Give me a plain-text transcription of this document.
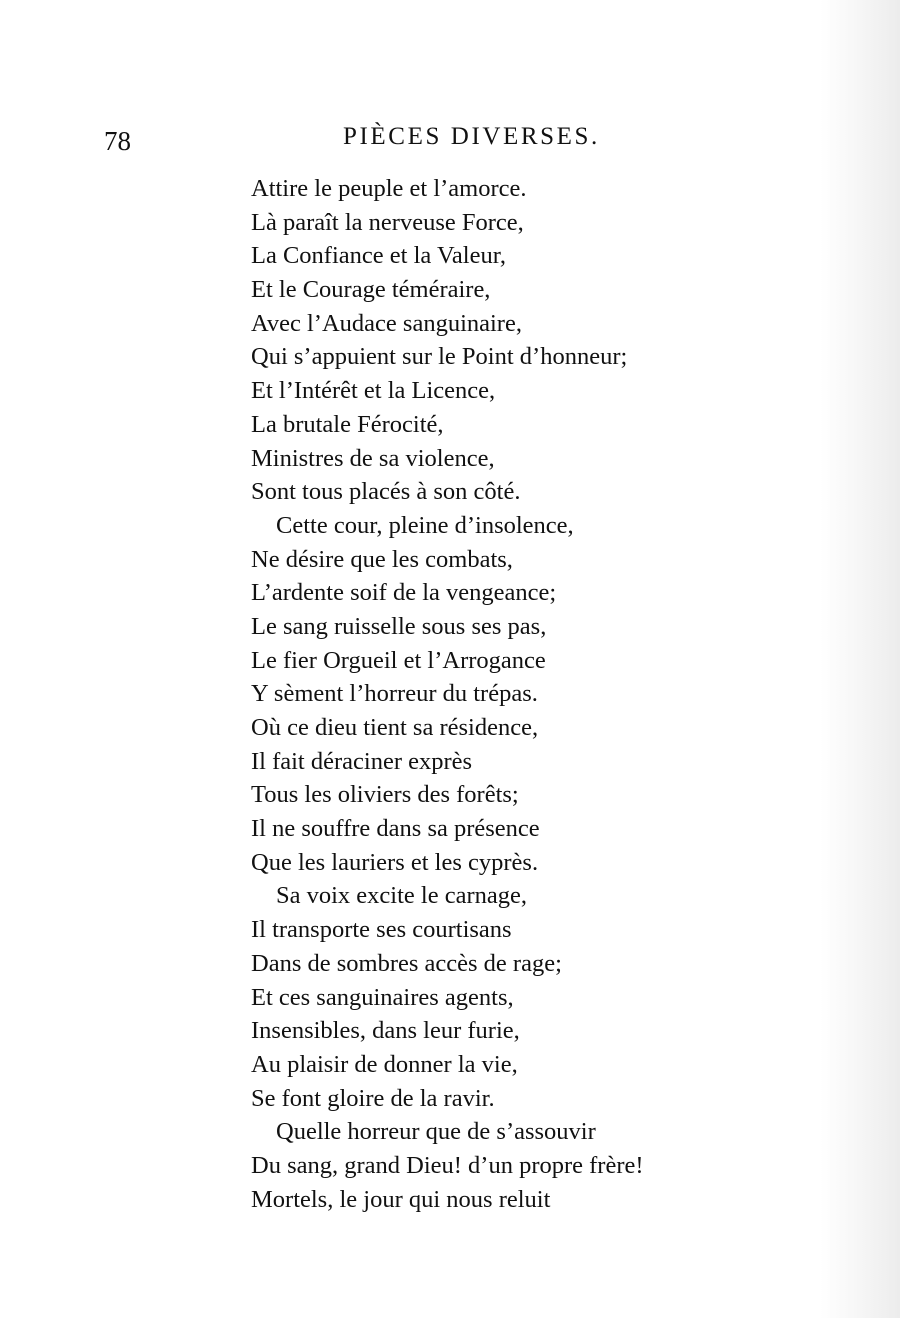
78	PIÈCES DIVERSES.
Attire le peuple et l’amorce.
Là paraît la nerveuse Force,
La Confiance et la Valeur,
Et le Courage téméraire,
Avec l’Audace sanguinaire,
Qui s’appuient sur le Point d’honneur;
Et l’Intérêt et la Licence,
La brutale Férocité,
Ministres de sa violence,
Sont tous placés à son côté.
Cette cour, pleine d’insolence,
Ne désire que les combats,
L’ardente soif de la vengeance;
Le sang ruisselle sous ses pas,
Le fier Orgueil et l’Arrogance
Y sèment l’horreur du trépas.
Où ce dieu tient sa résidence,
Il fait déraciner exprès
Tous les oliviers des forêts;
Il ne souffre dans sa présence
Que les lauriers et les cyprès.
Sa voix excite le carnage,
Il transporte ses courtisans
Dans de sombres accès de rage;
Et ces sanguinaires agents,
Insensibles, dans leur furie,
Au plaisir de donner la vie,
Se font gloire de la ravir.
Quelle horreur que de s’assouvir
Du sang, grand Dieu! d’un propre frère!
Mortels, le jour qui nous reluit
